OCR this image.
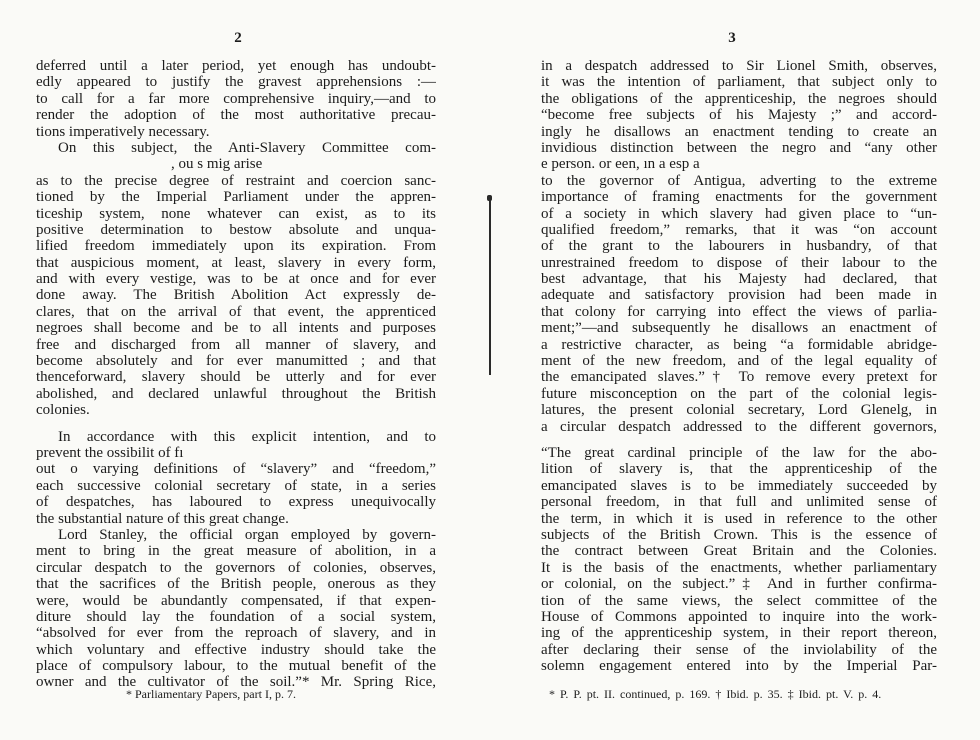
2
deferred until a later period, yet enough has undoubt-
edly appeared to justify the gravest apprehensions :—
to call for a far more comprehensive inquiry,—and to
render the adoption of the most authoritative precau-
tions imperatively necessary.
On this subject, the Anti-Slavery Committee com-
, ou s mig arise
as to the precise degree of restraint and coercion sanc-
tioned by the Imperial Parliament under the appren-
ticeship system, none whatever can exist, as to its
positive determination to bestow absolute and unqua-
lified freedom immediately upon its expiration. From
that auspicious moment, at least, slavery in every form,
and with every vestige, was to be at once and for ever
done away. The British Abolition Act expressly de-
clares, that on the arrival of that event, the apprenticed
negroes shall become and be to all intents and purposes
free and discharged from all manner of slavery, and
become absolutely and for ever manumitted ; and that
thenceforward, slavery should be utterly and for ever
abolished, and declared unlawful throughout the British
colonies.
In accordance with this explicit intention, and to
prevent the ossibilit of fı
out o varying definitions of “slavery” and “freedom,”
each successive colonial secretary of state, in a series
of despatches, has laboured to express unequivocally
the substantial nature of this great change.
Lord Stanley, the official organ employed by govern-
ment to bring in the great measure of abolition, in a
circular despatch to the governors of colonies, observes,
that the sacrifices of the British people, onerous as they
were, would be abundantly compensated, if that expen-
diture should lay the foundation of a social system,
“absolved for ever from the reproach of slavery, and in
which voluntary and effective industry should take the
place of compulsory labour, to the mutual benefit of the
owner and the cultivator of the soil.”* Mr. Spring Rice,
* Parliamentary Papers, part I, p. 7.
3
in a despatch addressed to Sir Lionel Smith, observes,
it was the intention of parliament, that subject only to
the obligations of the apprenticeship, the negroes should
“become free subjects of his Majesty ;” and accord-
ingly he disallows an enactment tending to create an
invidious distinction between the negro and “any other
e person. or een, ın a esp a
to the governor of Antigua, adverting to the extreme
importance of framing enactments for the government
of a society in which slavery had given place to “un-
qualified freedom,” remarks, that it was “on account
of the grant to the labourers in husbandry, of that
unrestrained freedom to dispose of their labour to the
best advantage, that his Majesty had declared, that
adequate and satisfactory provision had been made in
that colony for carrying into effect the views of parlia-
ment;”—and subsequently he disallows an enactment of
a restrictive character, as being “a formidable abridge-
ment of the new freedom, and of the legal equality of
the emancipated slaves.”† To remove every pretext for
future misconception on the part of the colonial legis-
latures, the present colonial secretary, Lord Glenelg, in
a circular despatch addressed to the different governors,
“The great cardinal principle of the law for the abo-
lition of slavery is, that the apprenticeship of the
emancipated slaves is to be immediately succeeded by
personal freedom, in that full and unlimited sense of
the term, in which it is used in reference to the other
subjects of the British Crown. This is the essence of
the contract between Great Britain and the Colonies.
It is the basis of the enactments, whether parliamentary
or colonial, on the subject.”‡ And in further confirma-
tion of the same views, the select committee of the
House of Commons appointed to inquire into the work-
ing of the apprenticeship system, in their report thereon,
after declaring their sense of the inviolability of the
solemn engagement entered into by the Imperial Par-
* P. P. pt. II. continued, p. 169. † Ibid. p. 35. ‡ Ibid. pt. V. p. 4.
